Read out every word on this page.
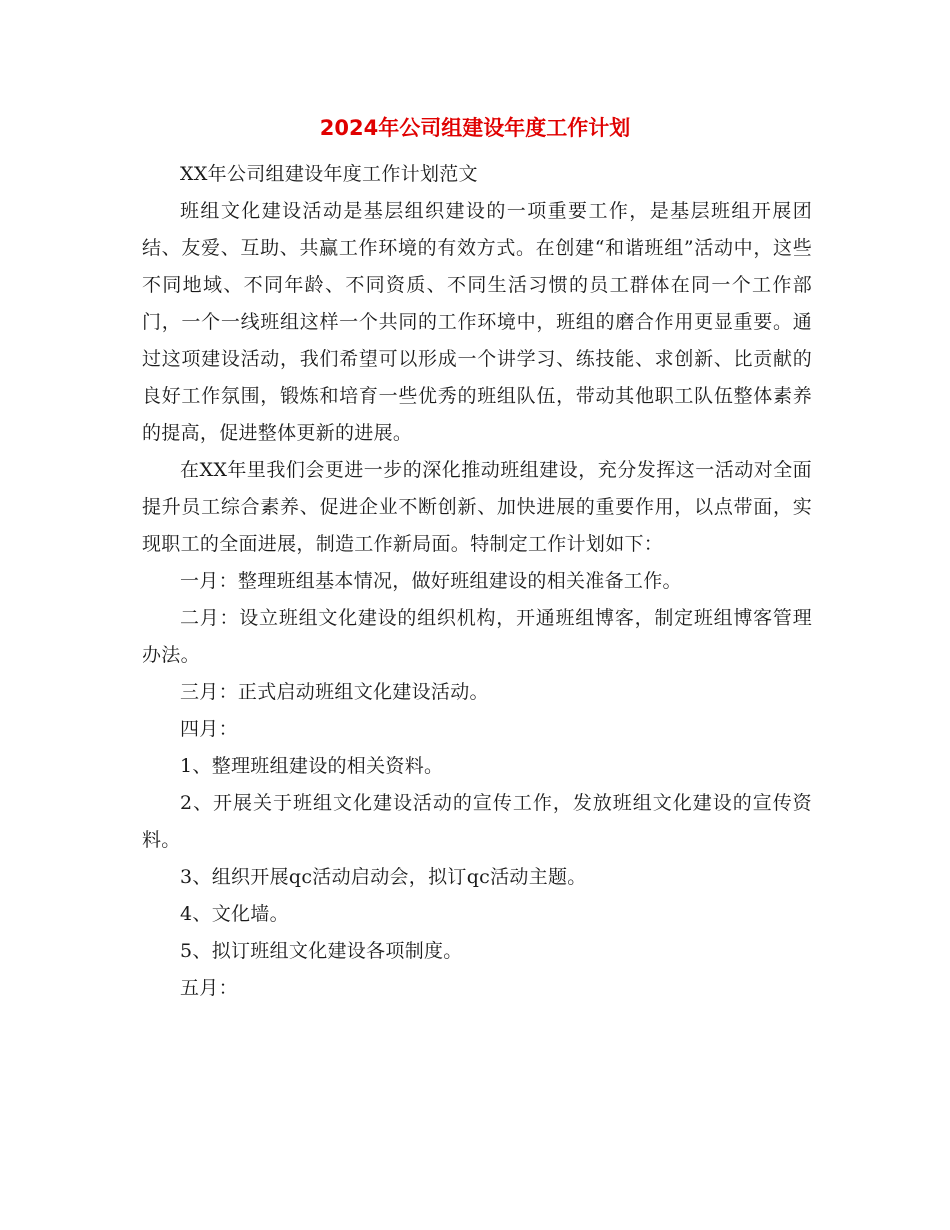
2024年公司组建设年度工作计划

XX年公司组建设年度工作计划范文

班组文化建设活动是基层组织建设的一项重要工作，是基层班组开展团结、友爱、互助、共赢工作环境的有效方式。在创建“和谐班组”活动中，这些不同地域、不同年龄、不同资质、不同生活习惯的员工群体在同一个工作部门，一个一线班组这样一个共同的工作环境中，班组的磨合作用更显重要。通过这项建设活动，我们希望可以形成一个讲学习、练技能、求创新、比贡献的良好工作氛围，锻炼和培育一些优秀的班组队伍，带动其他职工队伍整体素养的提高，促进整体更新的进展。

在XX年里我们会更进一步的深化推动班组建设，充分发挥这一活动对全面提升员工综合素养、促进企业不断创新、加快进展的重要作用，以点带面，实现职工的全面进展，制造工作新局面。特制定工作计划如下：

一月：整理班组基本情况，做好班组建设的相关准备工作。

二月：设立班组文化建设的组织机构，开通班组博客，制定班组博客管理办法。

三月：正式启动班组文化建设活动。

四月：

1、整理班组建设的相关资料。

2、开展关于班组文化建设活动的宣传工作，发放班组文化建设的宣传资料。

3、组织开展qc活动启动会，拟订qc活动主题。

4、文化墙。

5、拟订班组文化建设各项制度。

五月：
